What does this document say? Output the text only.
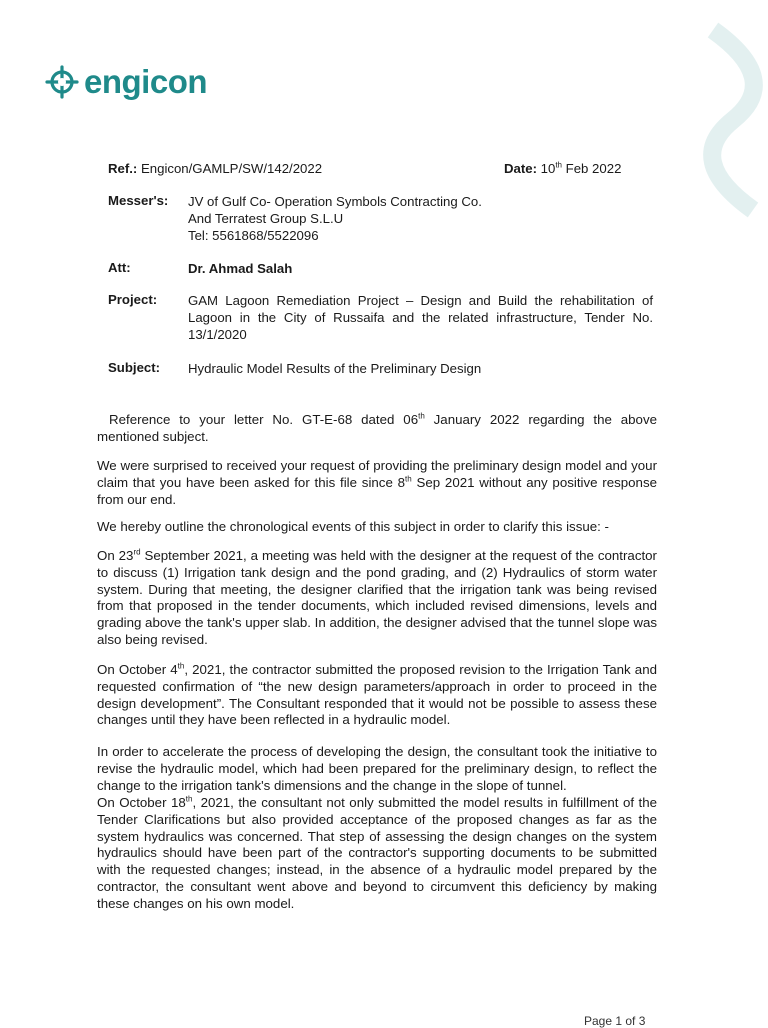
engicon
Ref.: Engicon/GAMLP/SW/142/2022	Date: 10th Feb 2022
Messer's: JV of Gulf Co- Operation Symbols Contracting Co.
And Terratest Group S.L.U
Tel: 5561868/5522096
Att:	Dr. Ahmad Salah
Project: GAM Lagoon Remediation Project – Design and Build the rehabilitation of Lagoon in the City of Russaifa and the related infrastructure, Tender No. 13/1/2020
Subject: Hydraulic Model Results of the Preliminary Design

Reference to your letter No. GT-E-68 dated 06th January 2022 regarding the above mentioned subject.

We were surprised to received your request of providing the preliminary design model and your claim that you have been asked for this file since 8th Sep 2021 without any positive response from our end.

We hereby outline the chronological events of this subject in order to clarify this issue: -

On 23rd September 2021, a meeting was held with the designer at the request of the contractor to discuss (1) Irrigation tank design and the pond grading, and (2) Hydraulics of storm water system. During that meeting, the designer clarified that the irrigation tank was being revised from that proposed in the tender documents, which included revised dimensions, levels and grading above the tank's upper slab. In addition, the designer advised that the tunnel slope was also being revised.

On October 4th, 2021, the contractor submitted the proposed revision to the Irrigation Tank and requested confirmation of “the new design parameters/approach in order to proceed in the design development”. The Consultant responded that it would not be possible to assess these changes until they have been reflected in a hydraulic model.

In order to accelerate the process of developing the design, the consultant took the initiative to revise the hydraulic model, which had been prepared for the preliminary design, to reflect the change to the irrigation tank's dimensions and the change in the slope of tunnel.

On October 18th, 2021, the consultant not only submitted the model results in fulfillment of the Tender Clarifications but also provided acceptance of the proposed changes as far as the system hydraulics was concerned. That step of assessing the design changes on the system hydraulics should have been part of the contractor's supporting documents to be submitted with the requested changes; instead, in the absence of a hydraulic model prepared by the contractor, the consultant went above and beyond to circumvent this deficiency by making these changes on his own model.

Page 1 of 3
